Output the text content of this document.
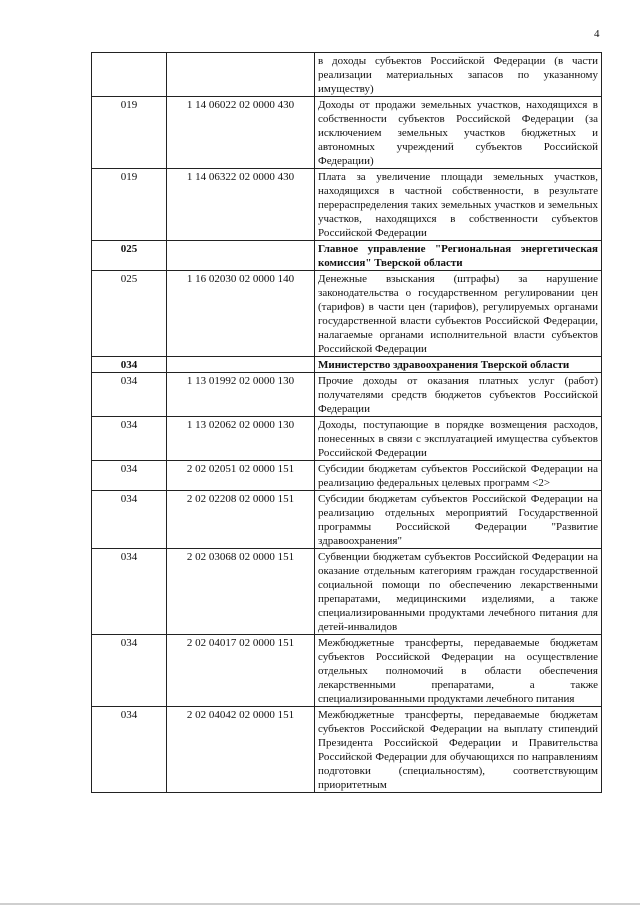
4
		в доходы субъектов Российской Федерации (в части реализации материальных запасов по указанному имуществу)
019	1 14 06022 02 0000 430	Доходы от продажи земельных участков, находящихся в собственности субъектов Российской Федерации (за исключением земельных участков бюджетных и автономных учреждений субъектов Российской Федерации)
019	1 14 06322 02 0000 430	Плата за увеличение площади земельных участков, находящихся в частной собственности, в результате перераспределения таких земельных участков и земельных участков, находящихся в собственности субъектов Российской Федерации
025		Главное управление "Региональная энергетическая комиссия" Тверской области
025	1 16 02030 02 0000 140	Денежные взыскания (штрафы) за нарушение законодательства о государственном регулировании цен (тарифов) в части цен (тарифов), регулируемых органами государственной власти субъектов Российской Федерации, налагаемые органами исполнительной власти субъектов Российской Федерации
034		Министерство здравоохранения Тверской области
034	1 13 01992 02 0000 130	Прочие доходы от оказания платных услуг (работ) получателями средств бюджетов субъектов Российской Федерации
034	1 13 02062 02 0000 130	Доходы, поступающие в порядке возмещения расходов, понесенных в связи с эксплуатацией имущества субъектов Российской Федерации
034	2 02 02051 02 0000 151	Субсидии бюджетам субъектов Российской Федерации на реализацию федеральных целевых программ <2>
034	2 02 02208 02 0000 151	Субсидии бюджетам субъектов Российской Федерации на реализацию отдельных мероприятий Государственной программы Российской Федерации "Развитие здравоохранения"
034	2 02 03068 02 0000 151	Субвенции бюджетам субъектов Российской Федерации на оказание отдельным категориям граждан государственной социальной помощи по обеспечению лекарственными препаратами, медицинскими изделиями, а также специализированными продуктами лечебного питания для детей-инвалидов
034	2 02 04017 02 0000 151	Межбюджетные трансферты, передаваемые бюджетам субъектов Российской Федерации на осуществление отдельных полномочий в области обеспечения лекарственными препаратами, а также специализированными продуктами лечебного питания
034	2 02 04042 02 0000 151	Межбюджетные трансферты, передаваемые бюджетам субъектов Российской Федерации на выплату стипендий Президента Российской Федерации и Правительства Российской Федерации для обучающихся по направлениям подготовки (специальностям), соответствующим приоритетным
